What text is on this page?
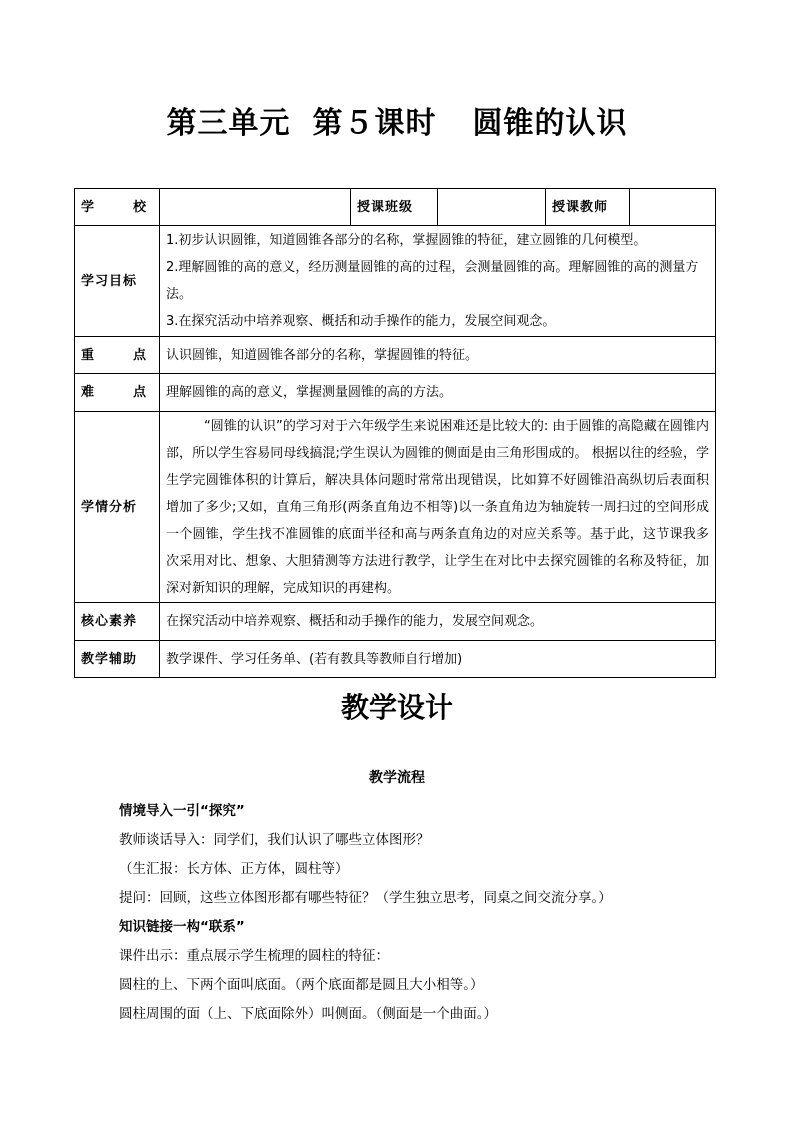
第三单元 第５课时 圆锥的认识
学 校		授课班级		授课教师	
学习目标	1.初步认识圆锥，知道圆锥各部分的名称，掌握圆锥的特征，建立圆锥的几何模型。
2.理解圆锥的高的意义，经历测量圆锥的高的过程，会测量圆锥的高。理解圆锥的高的测量方法。
3.在探究活动中培养观察、概括和动手操作的能力，发展空间观念。				

重 点	认识圆锥，知道圆锥各部分的名称，掌握圆锥的特征。				

难 点	理解圆锥的高的意义，掌握测量圆锥的高的方法。				
学情分析	“圆锥的认识”的学习对于六年级学生来说困难还是比较大的: 由于圆锥的高隐藏在圆锥内部，所以学生容易同母线搞混;学生误认为圆锥的侧面是由三角形围成的。 根据以往的经验，学生学完圆锥体积的计算后，解决具体问题时常常出现错误，比如算不好圆锥沿高纵切后表面积增加了多少;又如，直角三角形(两条直角边不相等)以一条直角边为轴旋转一周扫过的空间形成一个圆锥，学生找不准圆锥的底面半径和高与两条直角边的对应关系等。基于此，这节课我多次采用对比、想象、大胆猜测等方法进行教学，让学生在对比中去探究圆锥的名称及特征，加深对新知识的理解，完成知识的再建构。				
核心素养	在探究活动中培养观察、概括和动手操作的能力，发展空间观念。				
教学辅助	教学课件、学习任务单、(若有教具等教师自行增加)				
教学设计
教学流程
情境导入一引“探究”
教师谈话导入：同学们，我们认识了哪些立体图形？
（生汇报：长方体、正方体，圆柱等）
提问：回顾，这些立体图形都有哪些特征？（学生独立思考，同桌之间交流分享。）
知识链接一构“联系”
课件出示：重点展示学生梳理的圆柱的特征：
圆柱的上、下两个面叫底面。（两个底面都是圆且大小相等。）
圆柱周围的面（上、下底面除外）叫侧面。（侧面是一个曲面。）
